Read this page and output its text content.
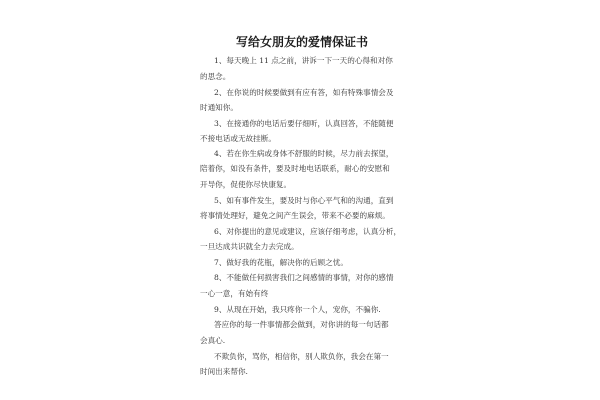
写给女朋友的爱情保证书
1、每天晚上 11 点之前，讲诉一下一天的心得和对你
的思念。
2、在你说的时候要做到有应有答，如有特殊事情会及
时通知你。
3、在接通你的电话后要仔细听，认真回答，不能随便
不接电话或无故挂断。
4、若在你生病或身体不舒服的时候，尽力前去探望，
陪着你，如没有条件，要及时地电话联系，耐心的安慰和
开导你，促使你尽快康复。
5、如有事件发生，要及时与你心平气和的沟通，直到
将事情处理好，避免之间产生误会，带来不必要的麻烦。
6、对你提出的意见或建议，应该仔细考虑，认真分析，
一旦达成共识就全力去完成。
7、做好我的花瓶，解决你的后顾之忧。
8、不能做任何损害我们之间感情的事情，对你的感情
一心一意，有始有终
9、从现在开始，我只疼你一个人，宠你，不骗你.
答应你的每一件事情都会做到，对你讲的每一句话都
会真心.
不欺负你，骂你，相信你，别人欺负你，我会在第一
时间出来帮你.
